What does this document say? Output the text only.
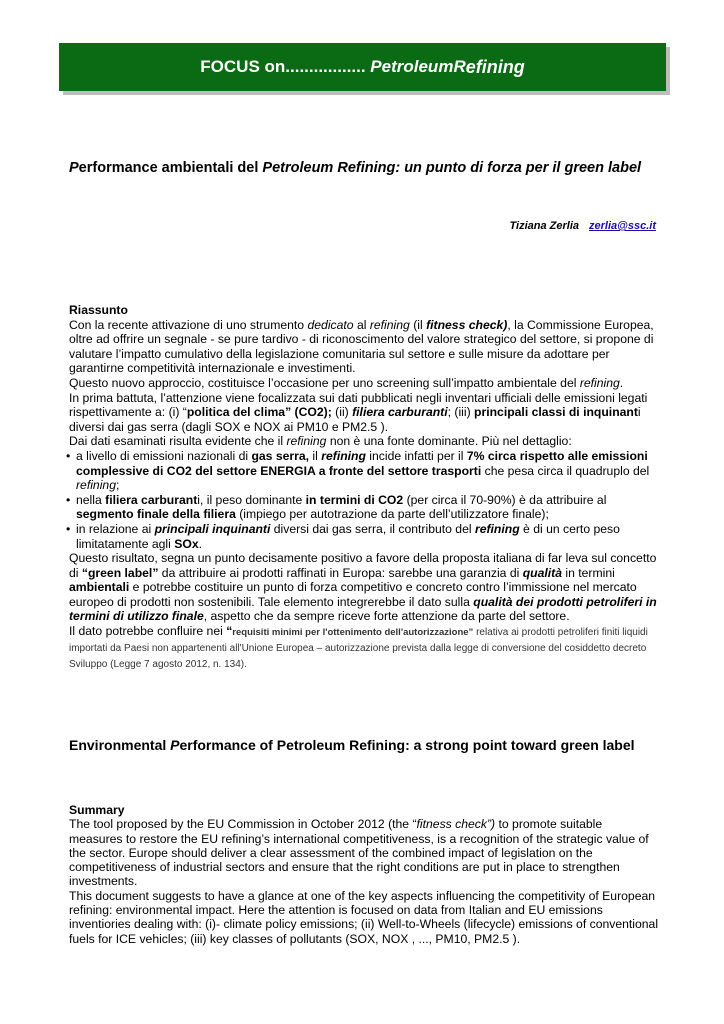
FOCUS on................. Petroleum R efining
Performance ambientali del Petroleum Refining: un punto di forza per il green label
Tiziana Zerlia zerlia@ssc.it

Riassunto

Con la recente attivazione di uno strumento dedicato al refining (il fitness check), la Commissione Europea, oltre ad offrire un segnale - se pure tardivo - di riconoscimento del valore strategico del settore, si propone di valutare l’impatto cumulativo della legislazione comunitaria sul settore e sulle misure da adottare per garantirne competitività internazionale e investimenti.

Questo nuovo approccio, costituisce l’occasione per uno screening sull’impatto ambientale del refining.

In prima battuta, l’attenzione viene focalizzata sui dati pubblicati negli inventari ufficiali delle emissioni legati rispettivamente a: (i) “politica del clima” (CO2); (ii) filiera carburanti; (iii) principali classi di inquinanti diversi dai gas serra (dagli SOX e NOX ai PM10 e PM2.5 ).

Dai dati esaminati risulta evidente che il refining non è una fonte dominante. Più nel dettaglio:

• a livello di emissioni nazionali di gas serra, il refining incide infatti per il 7% circa rispetto alle emissioni complessive di CO2 del settore ENERGIA a fronte del settore trasporti che pesa circa il quadruplo del refining;
• nella filiera carburanti, il peso dominante in termini di CO2 (per circa il 70-90%) è da attribuire al segmento finale della filiera (impiego per autotrazione da parte dell’utilizzatore finale);
• in relazione ai principali inquinanti diversi dai gas serra, il contributo del refining è di un certo peso limitatamente agli SOx.

Questo risultato, segna un punto decisamente positivo a favore della proposta italiana di far leva sul concetto di “green label” da attribuire ai prodotti raffinati in Europa: sarebbe una garanzia di qualità in termini ambientali e potrebbe costituire un punto di forza competitivo e concreto contro l’immissione nel mercato europeo di prodotti non sostenibili. Tale elemento integrerebbe il dato sulla qualità dei prodotti petroliferi in termini di utilizzo finale, aspetto che da sempre riceve forte attenzione da parte del settore.

Il dato potrebbe confluire nei “requisiti minimi per l'ottenimento dell'autorizzazione” relativa ai prodotti petroliferi finiti liquidi importati da Paesi non appartenenti all'Unione Europea – autorizzazione prevista dalla legge di conversione del cosiddetto decreto Sviluppo (Legge 7 agosto 2012, n. 134).

Environmental Performance of Petroleum Refining: a strong point toward green label

Summary

The tool proposed by the EU Commission in October 2012 (the “fitness check”) to promote suitable measures to restore the EU refining’s international competitiveness, is a recognition of the strategic value of the sector. Europe should deliver a clear assessment of the combined impact of legislation on the competitiveness of industrial sectors and ensure that the right conditions are put in place to strengthen investments.

This document suggests to have a glance at one of the key aspects influencing the competitivity of European refining: environmental impact. Here the attention is focused on data from Italian and EU emissions inventiories dealing with: (i)- climate policy emissions; (ii) Well-to-Wheels (lifecycle) emissions of conventional fuels for ICE vehicles; (iii) key classes of pollutants (SOX, NOX , ..., PM10, PM2.5 ).
